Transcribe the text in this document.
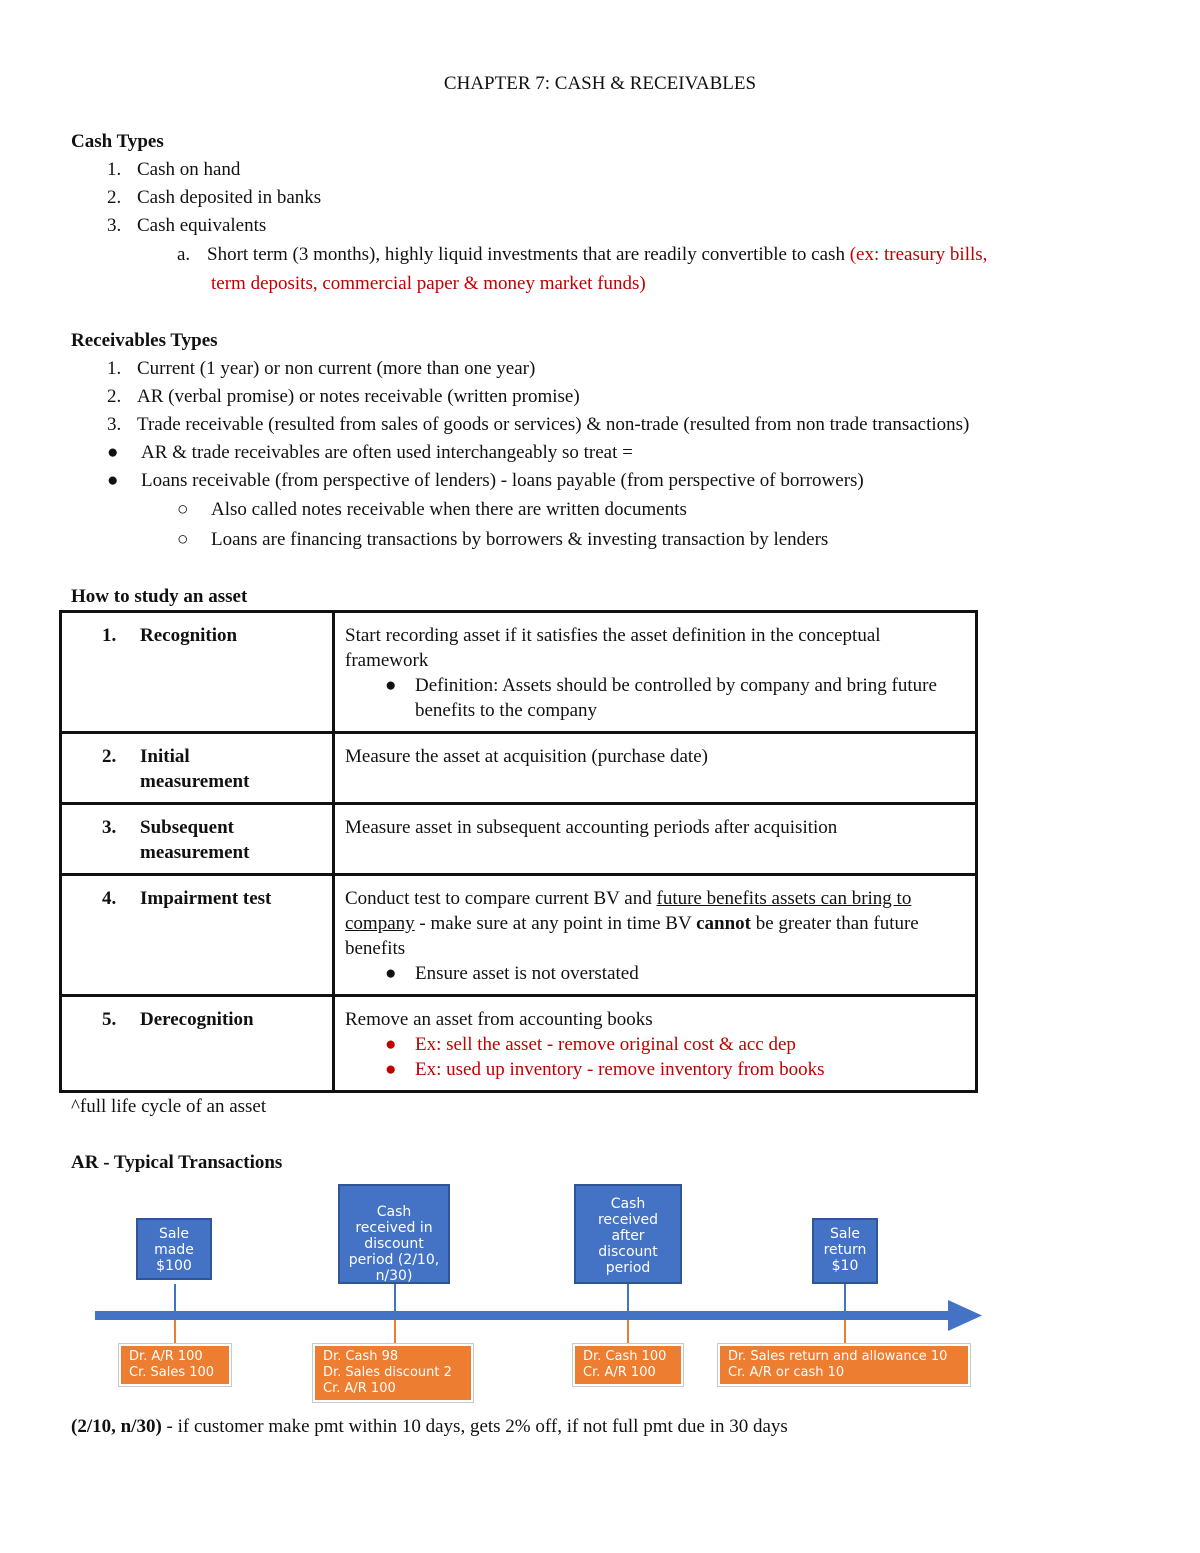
CHAPTER 7: CASH & RECEIVABLES
Cash Types
1. Cash on hand
2. Cash deposited in banks
3. Cash equivalents
a. Short term (3 months), highly liquid investments that are readily convertible to cash (ex: treasury bills,
term deposits, commercial paper & money market funds)
Receivables Types
1. Current (1 year) or non current (more than one year)
2. AR (verbal promise) or notes receivable (written promise)
3. Trade receivable (resulted from sales of goods or services) & non-trade (resulted from non trade transactions)
● AR & trade receivables are often used interchangeably so treat =
● Loans receivable (from perspective of lenders) - loans payable (from perspective of borrowers)
○ Also called notes receivable when there are written documents
○ Loans are financing transactions by borrowers & investing transaction by lenders
How to study an asset
1. Recognition	Start recording asset if it satisfies the asset definition in the conceptual framework
● Definition: Assets should be controlled by company and bring future benefits to the company

2. Initial measurement	Measure the asset at acquisition (purchase date)
3. Subsequent measurement	Measure asset in subsequent accounting periods after acquisition
4. Impairment test	Conduct test to compare current BV and future benefits assets can bring to company - make sure at any point in time BV cannot be greater than future benefits
● Ensure asset is not overstated

5. Derecognition	Remove an asset from accounting books
● Ex: sell the asset - remove original cost & acc dep
● Ex: used up inventory - remove inventory from books
^full life cycle of an asset
AR - Typical Transactions
Sale made $100
Cash received in discount period (2/10, n/30)
Cash received after discount period
Sale return $10
Dr. A/R 100
Cr. Sales 100
Dr. Cash 98
Dr. Sales discount 2
Cr. A/R 100
Dr. Cash 100
Cr. A/R 100
Dr. Sales return and allowance 10
Cr. A/R or cash 10
(2/10, n/30) - if customer make pmt within 10 days, gets 2% off, if not full pmt due in 30 days
